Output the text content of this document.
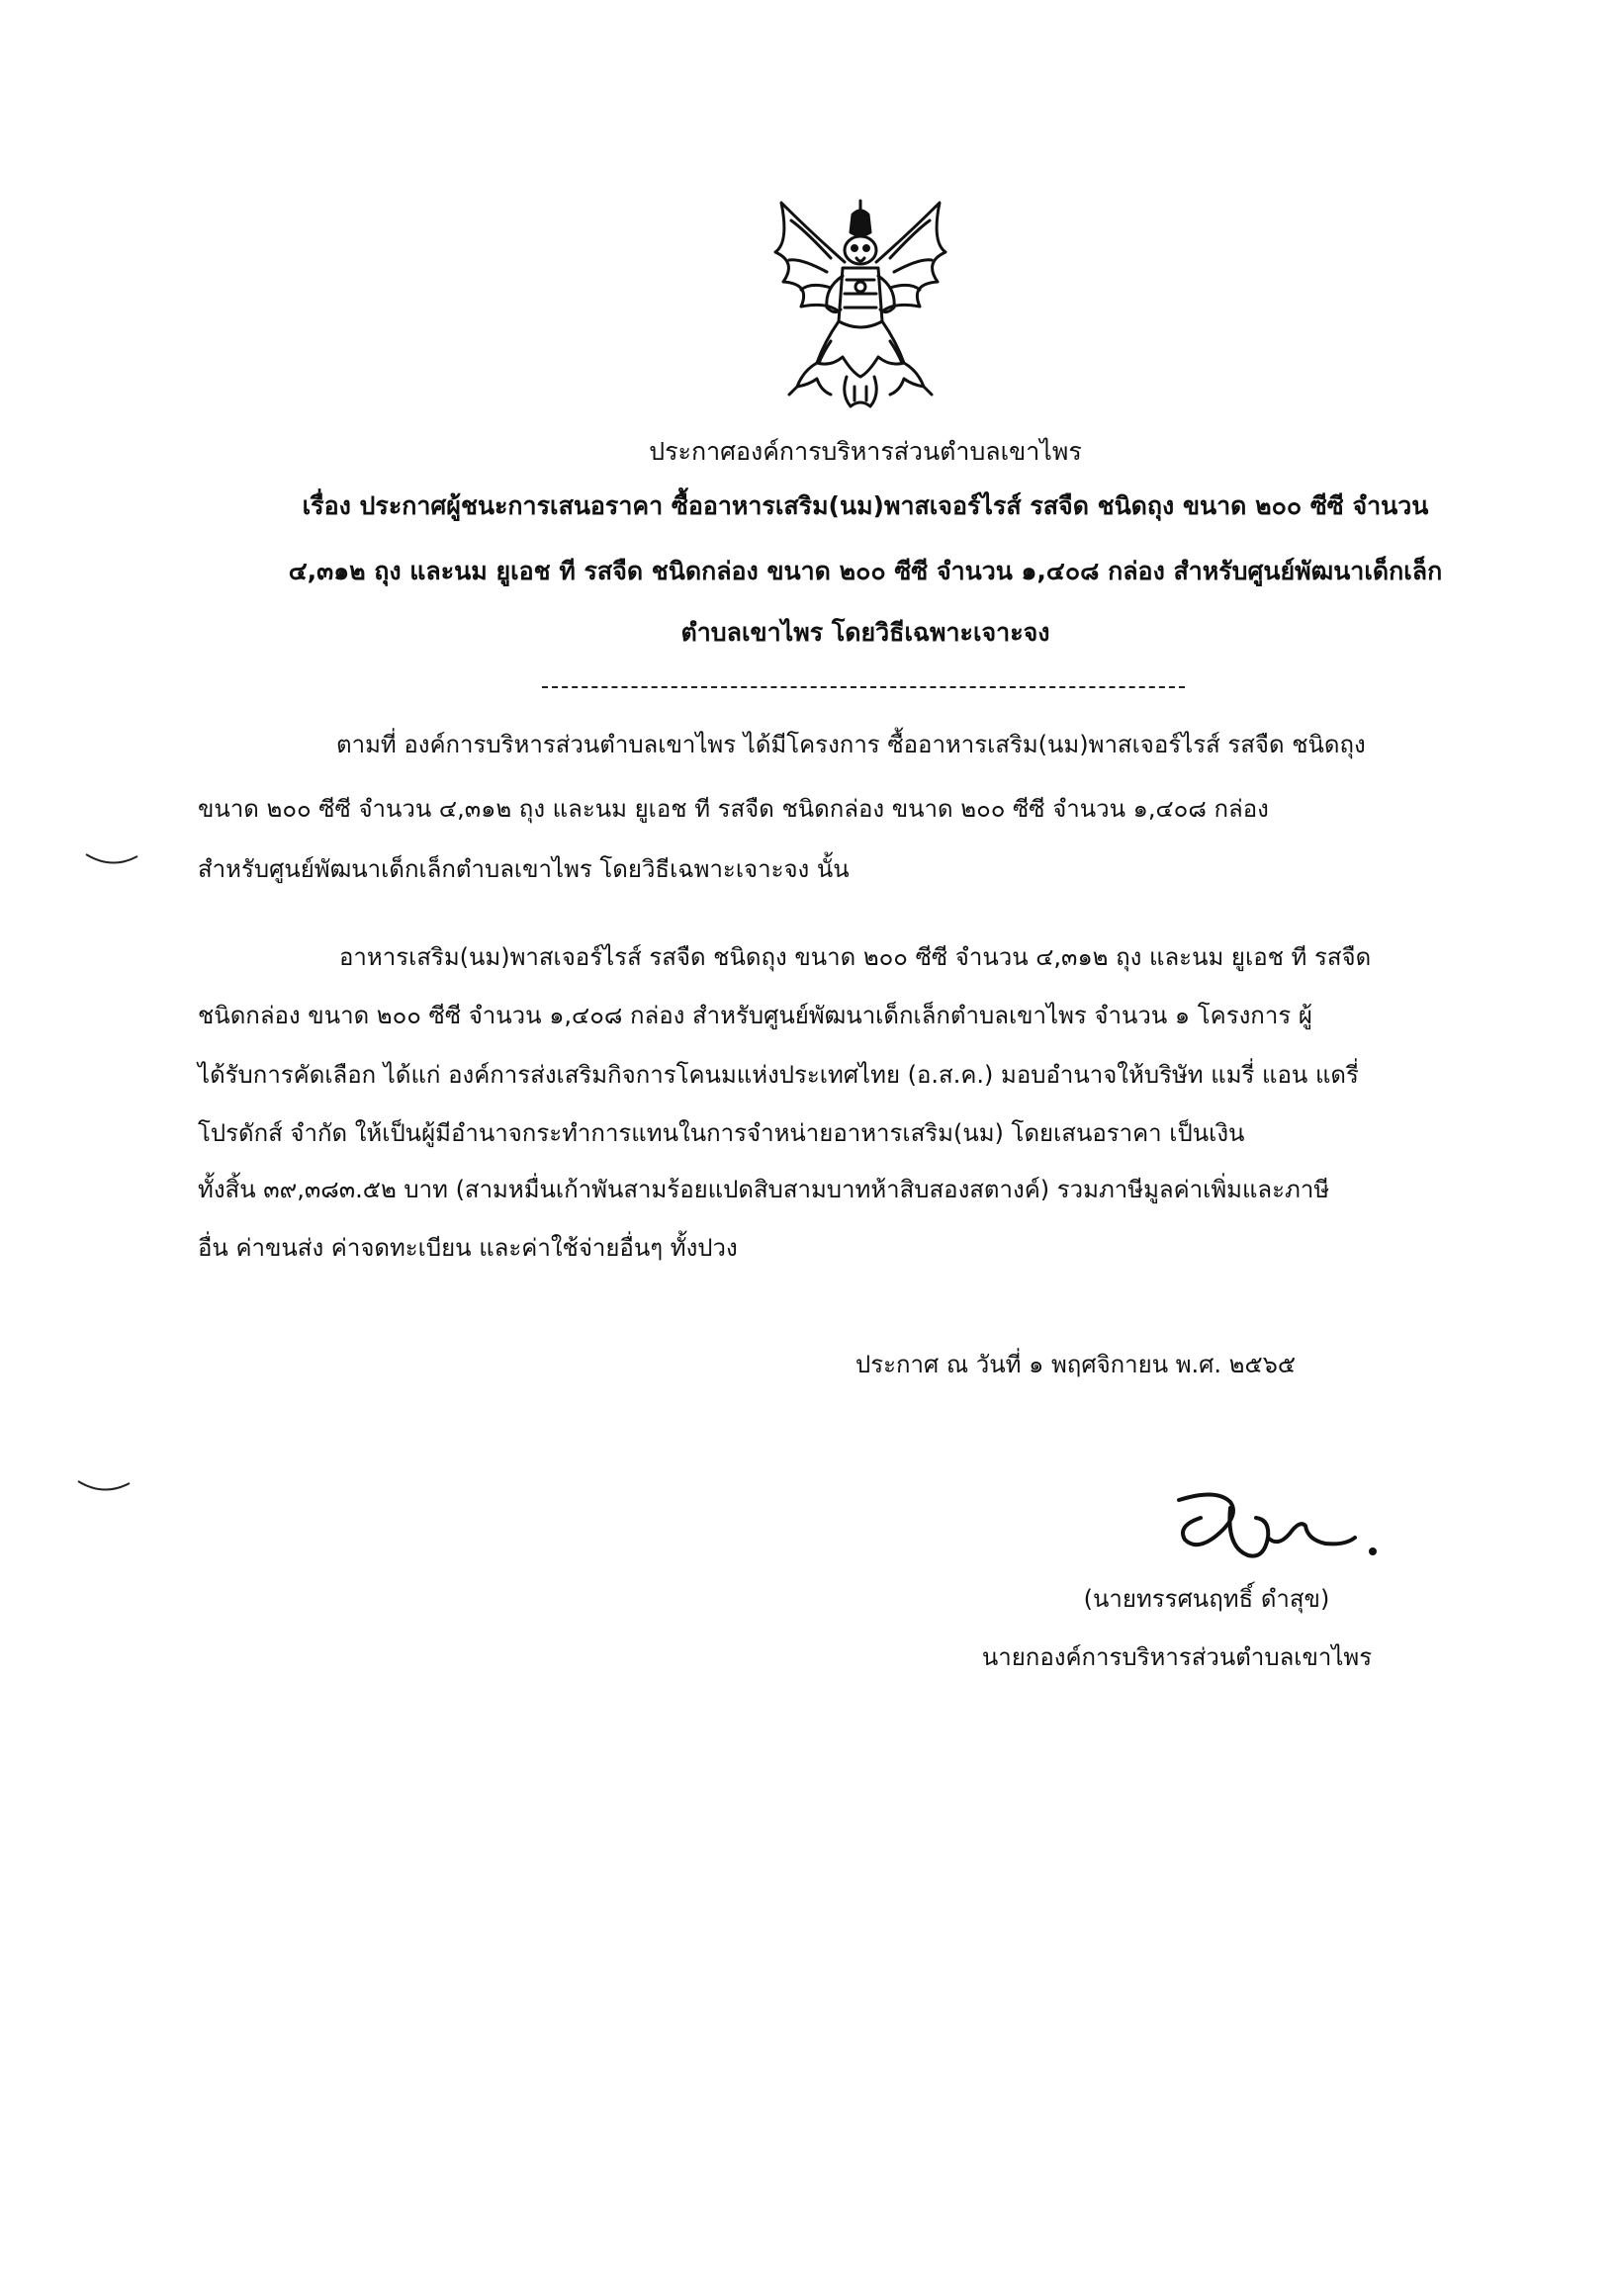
ประกาศองค์การบริหารส่วนตำบลเขาไพร
เรื่อง ประกาศผู้ชนะการเสนอราคา ซื้ออาหารเสริม(นม)พาสเจอร์ไรส์ รสจืด ชนิดถุง ขนาด ๒๐๐ ซีซี จำนวน
๔,๓๑๒ ถุง และนม ยูเอช ที รสจืด ชนิดกล่อง ขนาด ๒๐๐ ซีซี จำนวน ๑,๔๐๘ กล่อง สำหรับศูนย์พัฒนาเด็กเล็ก
ตำบลเขาไพร โดยวิธีเฉพาะเจาะจง
ตามที่ องค์การบริหารส่วนตำบลเขาไพร ได้มีโครงการ ซื้ออาหารเสริม(นม)พาสเจอร์ไรส์ รสจืด ชนิดถุง
ขนาด ๒๐๐ ซีซี จำนวน ๔,๓๑๒ ถุง และนม ยูเอช ที รสจืด ชนิดกล่อง ขนาด ๒๐๐ ซีซี จำนวน ๑,๔๐๘ กล่อง
สำหรับศูนย์พัฒนาเด็กเล็กตำบลเขาไพร โดยวิธีเฉพาะเจาะจง นั้น
อาหารเสริม(นม)พาสเจอร์ไรส์ รสจืด ชนิดถุง ขนาด ๒๐๐ ซีซี จำนวน ๔,๓๑๒ ถุง และนม ยูเอช ที รสจืด
ชนิดกล่อง ขนาด ๒๐๐ ซีซี จำนวน ๑,๔๐๘ กล่อง สำหรับศูนย์พัฒนาเด็กเล็กตำบลเขาไพร จำนวน ๑ โครงการ ผู้
ได้รับการคัดเลือก ได้แก่ องค์การส่งเสริมกิจการโคนมแห่งประเทศไทย (อ.ส.ค.) มอบอำนาจให้บริษัท แมรี่ แอน แดรี่
โปรดักส์ จำกัด ให้เป็นผู้มีอำนาจกระทำการแทนในการจำหน่ายอาหารเสริม(นม) โดยเสนอราคา เป็นเงิน
ทั้งสิ้น ๓๙,๓๘๓.๕๒ บาท (สามหมื่นเก้าพันสามร้อยแปดสิบสามบาทห้าสิบสองสตางค์) รวมภาษีมูลค่าเพิ่มและภาษี
อื่น ค่าขนส่ง ค่าจดทะเบียน และค่าใช้จ่ายอื่นๆ ทั้งปวง
ประกาศ ณ วันที่ ๑ พฤศจิกายน พ.ศ. ๒๕๖๕
(นายทรรศนฤทธิ์ ดำสุข)
นายกองค์การบริหารส่วนตำบลเขาไพร
